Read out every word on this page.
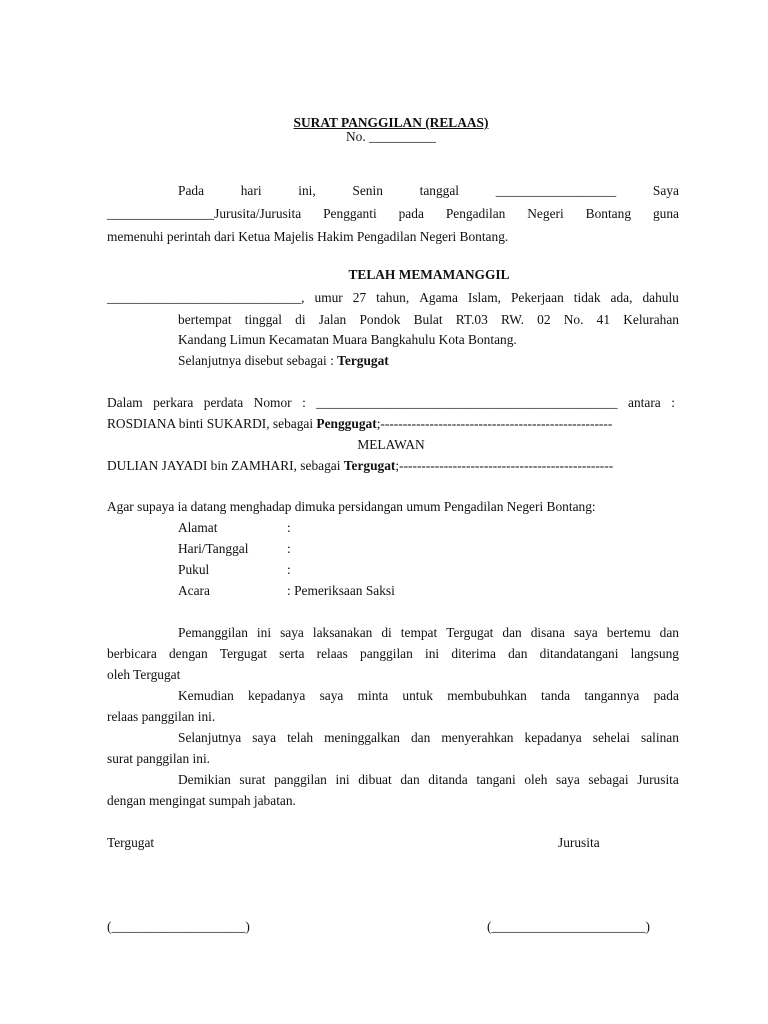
SURAT PANGGILAN (RELAAS)
No. __________
Pada	hari	ini,	Senin	tanggal	__________________	Saya
________________Jurusita/Jurusita Pengganti pada Pengadilan Negeri Bontang guna
memenuhi perintah dari Ketua Majelis Hakim Pengadilan Negeri Bontang.
TELAH MEMAMANGGIL
_____________________________, umur 27 tahun, Agama Islam, Pekerjaan tidak ada, dahulu
bertempat tinggal di Jalan Pondok Bulat RT.03 RW. 02 No. 41 Kelurahan
Kandang Limun Kecamatan Muara Bangkahulu Kota Bontang.
Selanjutnya disebut sebagai : Tergugat
Dalam perkara perdata Nomor : _____________________________________________ antara :
ROSDIANA binti SUKARDI, sebagai Penggugat;----------------------------------------------------
MELAWAN
DULIAN JAYADI bin ZAMHARI, sebagai Tergugat;------------------------------------------------
Agar supaya ia datang menghadap dimuka persidangan umum Pengadilan Negeri Bontang:
Alamat	:
Hari/Tanggal	:
Pukul	:
Acara	: Pemeriksaan Saksi
Pemanggilan ini saya laksanakan di tempat Tergugat dan disana saya bertemu dan
berbicara dengan Tergugat serta relaas panggilan ini diterima dan ditandatangani langsung
oleh Tergugat
Kemudian kepadanya saya minta untuk membubuhkan tanda tangannya pada
relaas panggilan ini.
Selanjutnya saya telah meninggalkan dan menyerahkan kepadanya sehelai salinan
surat panggilan ini.
Demikian surat panggilan ini dibuat dan ditanda tangani oleh saya sebagai Jurusita
dengan mengingat sumpah jabatan.
Tergugat	Jurusita
(____________________)	(_______________________)
